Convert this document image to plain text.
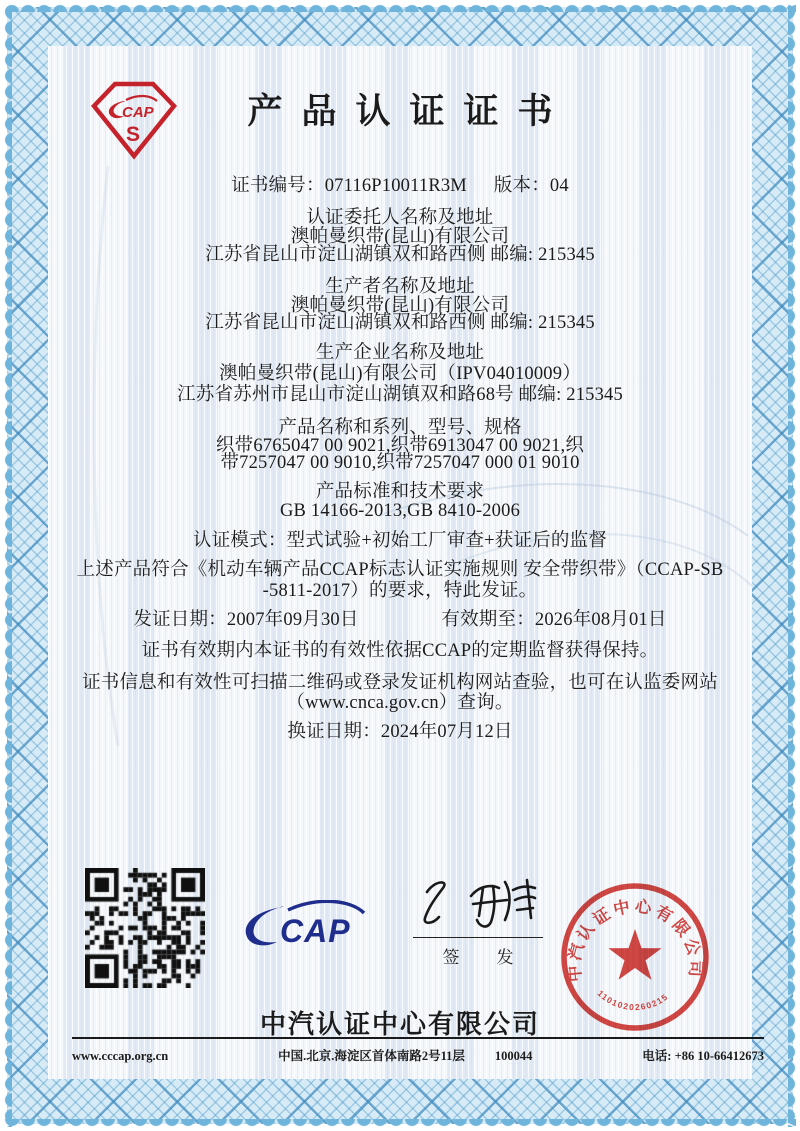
CAP
S
产品认证证书
证书编号：07116P10011R3M 版本：04
认证委托人名称及地址
澳帕曼织带(昆山)有限公司
江苏省昆山市淀山湖镇双和路西侧 邮编: 215345
生产者名称及地址
澳帕曼织带(昆山)有限公司
江苏省昆山市淀山湖镇双和路西侧 邮编: 215345
生产企业名称及地址
澳帕曼织带(昆山)有限公司（IPV04010009）
江苏省苏州市昆山市淀山湖镇双和路68号 邮编: 215345
产品名称和系列、型号、规格
织带6765047 00 9021,织带6913047 00 9021,织
带7257047 00 9010,织带7257047 000 01 9010
产品标准和技术要求
GB 14166-2013,GB 8410-2006
认证模式：型式试验+初始工厂审查+获证后的监督
上述产品符合《机动车辆产品CCAP标志认证实施规则 安全带织带》（CCAP-SB
-5811-2017）的要求，特此发证。
发证日期：2007年09月30日	有效期至：2026年08月01日
证书有效期内本证书的有效性依据CCAP的定期监督获得保持。
证书信息和有效性可扫描二维码或登录发证机构网站查验，也可在认监委网站
（www.cnca.gov.cn）查询。
换证日期：2024年07月12日
CAP
签　发
中汽认证中心有限公司
1101020260215
中汽认证中心有限公司
www.cccap.org.cn	中国.北京.海淀区首体南路2号11层 100044	电话: +86 10-66412673
